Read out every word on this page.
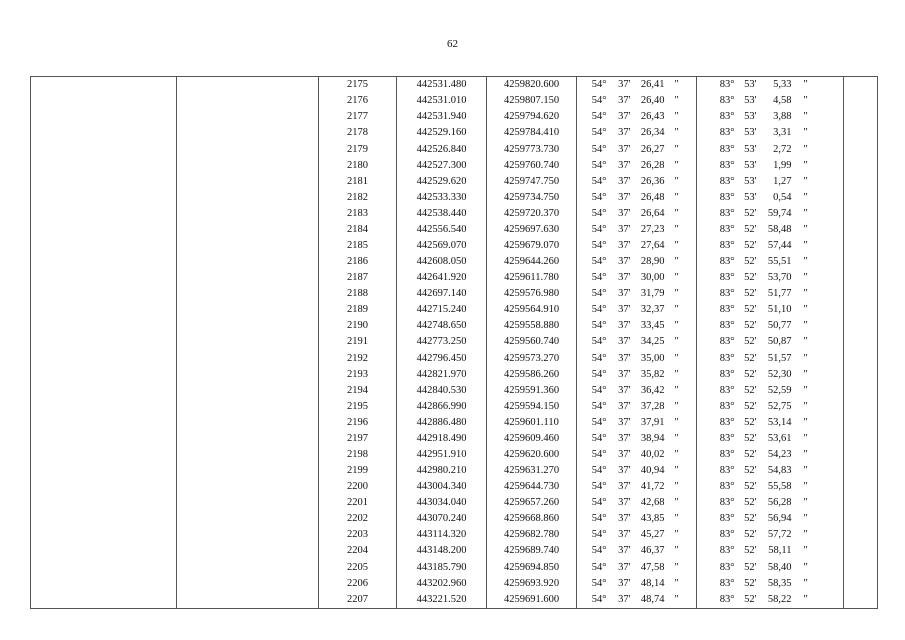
62
		2175	442531.480	4259820.600	54°	37'	26,41	"	83°	53'	5,33	"	
		2176	442531.010	4259807.150	54°	37'	26,40	"	83°	53'	4,58	"	
		2177	442531.940	4259794.620	54°	37'	26,43	"	83°	53'	3,88	"	
		2178	442529.160	4259784.410	54°	37'	26,34	"	83°	53'	3,31	"	
		2179	442526.840	4259773.730	54°	37'	26,27	"	83°	53'	2,72	"	
		2180	442527.300	4259760.740	54°	37'	26,28	"	83°	53'	1,99	"	
		2181	442529.620	4259747.750	54°	37'	26,36	"	83°	53'	1,27	"	
		2182	442533.330	4259734.750	54°	37'	26,48	"	83°	53'	0,54	"	
		2183	442538.440	4259720.370	54°	37'	26,64	"	83°	52'	59,74	"	
		2184	442556.540	4259697.630	54°	37'	27,23	"	83°	52'	58,48	"	
		2185	442569.070	4259679.070	54°	37'	27,64	"	83°	52'	57,44	"	
		2186	442608.050	4259644.260	54°	37'	28,90	"	83°	52'	55,51	"	
		2187	442641.920	4259611.780	54°	37'	30,00	"	83°	52'	53,70	"	
		2188	442697.140	4259576.980	54°	37'	31,79	"	83°	52'	51,77	"	
		2189	442715.240	4259564.910	54°	37'	32,37	"	83°	52'	51,10	"	
		2190	442748.650	4259558.880	54°	37'	33,45	"	83°	52'	50,77	"	
		2191	442773.250	4259560.740	54°	37'	34,25	"	83°	52'	50,87	"	
		2192	442796.450	4259573.270	54°	37'	35,00	"	83°	52'	51,57	"	
		2193	442821.970	4259586.260	54°	37'	35,82	"	83°	52'	52,30	"	
		2194	442840.530	4259591.360	54°	37'	36,42	"	83°	52'	52,59	"	
		2195	442866.990	4259594.150	54°	37'	37,28	"	83°	52'	52,75	"	
		2196	442886.480	4259601.110	54°	37'	37,91	"	83°	52'	53,14	"	
		2197	442918.490	4259609.460	54°	37'	38,94	"	83°	52'	53,61	"	
		2198	442951.910	4259620.600	54°	37'	40,02	"	83°	52'	54,23	"	
		2199	442980.210	4259631.270	54°	37'	40,94	"	83°	52'	54,83	"	
		2200	443004.340	4259644.730	54°	37'	41,72	"	83°	52'	55,58	"	
		2201	443034.040	4259657.260	54°	37'	42,68	"	83°	52'	56,28	"	
		2202	443070.240	4259668.860	54°	37'	43,85	"	83°	52'	56,94	"	
		2203	443114.320	4259682.780	54°	37'	45,27	"	83°	52'	57,72	"	
		2204	443148.200	4259689.740	54°	37'	46,37	"	83°	52'	58,11	"	
		2205	443185.790	4259694.850	54°	37'	47,58	"	83°	52'	58,40	"	
		2206	443202.960	4259693.920	54°	37'	48,14	"	83°	52'	58,35	"	
		2207	443221.520	4259691.600	54°	37'	48,74	"	83°	52'	58,22	"	
